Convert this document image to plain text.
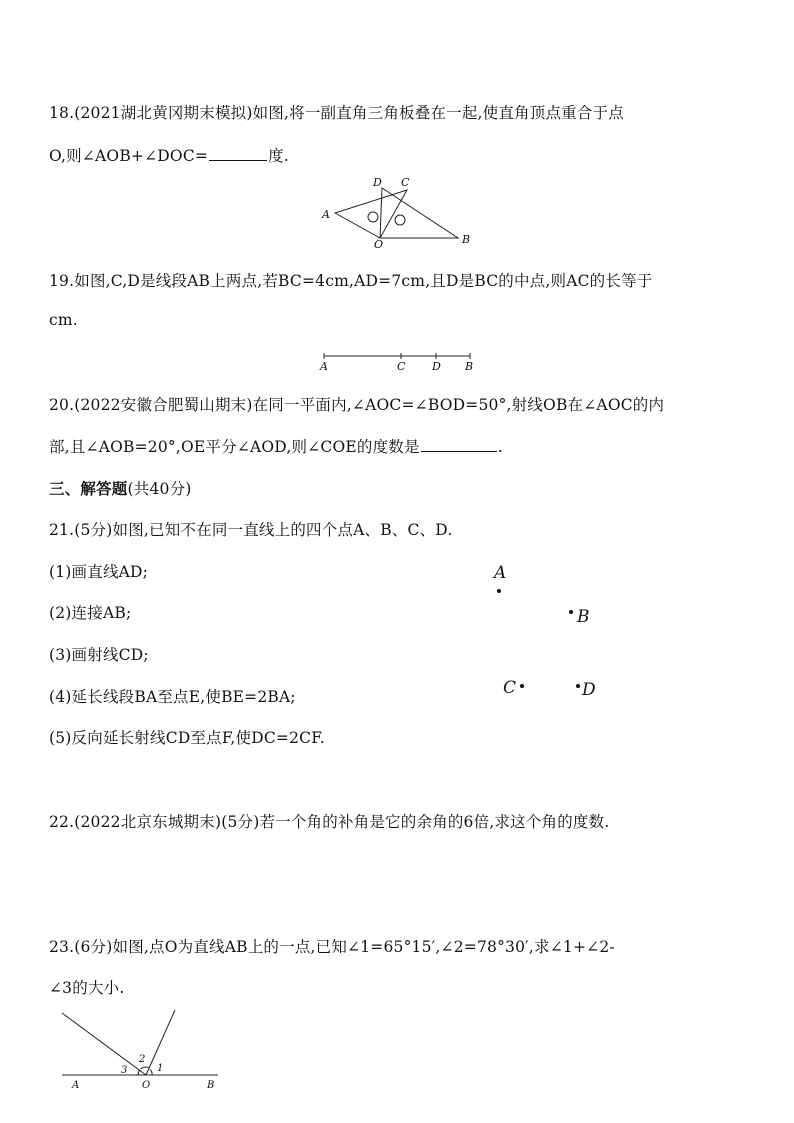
18.(2021湖北黄冈期末模拟)如图,将一副直角三角板叠在一起,使直角顶点重合于点
O,则∠AOB+∠DOC=	度.
A
D C
O	B
19.如图,C,D是线段AB上两点,若BC=4cm,AD=7cm,且D是BC的中点,则AC的长等于
cm.
A	C D B
20.(2022安徽合肥蜀山期末)在同一平面内,∠AOC=∠BOD=50°,射线OB在∠AOC的内
部,且∠AOB=20°,OE平分∠AOD,则∠COE的度数是	.
三、解答题(共40分)
21.(5分)如图,已知不在同一直线上的四个点A、B、C、D.
(1)画直线AD;
(2)连接AB;
(3)画射线CD;
(4)延长线段BA至点E,使BE=2BA;
(5)反向延长射线CD至点F,使DC=2CF.
A
B
C	D
22.(2022北京东城期末)(5分)若一个角的补角是它的余角的6倍,求这个角的度数.
23.(6分)如图,点O为直线AB上的一点,已知∠1=65°15′,∠2=78°30′,求∠1+∠2-
∠3的大小.
A	O	B
3
2
1
